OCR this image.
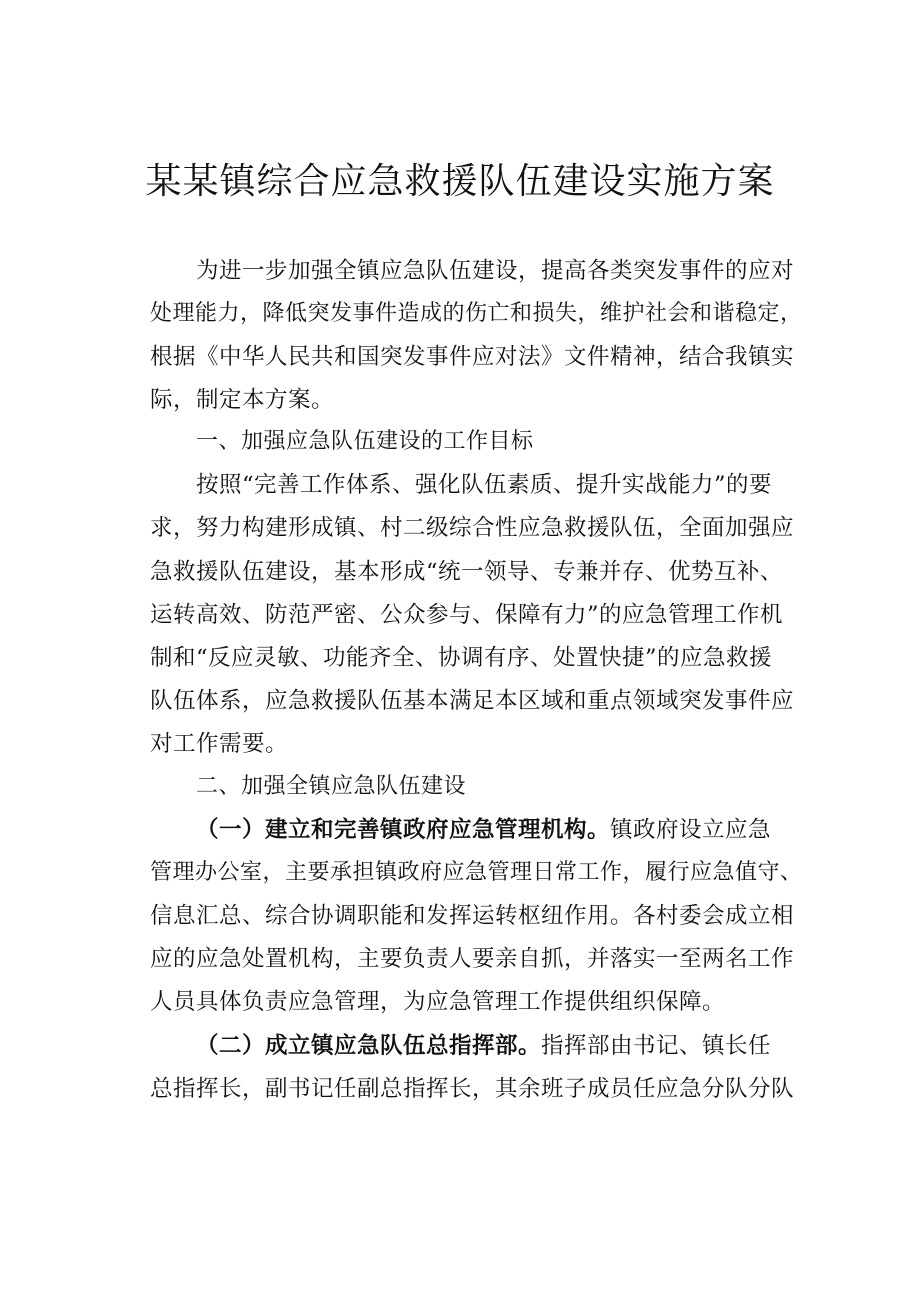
某某镇综合应急救援队伍建设实施方案
为进一步加强全镇应急队伍建设，提高各类突发事件的应对
处理能力，降低突发事件造成的伤亡和损失，维护社会和谐稳定，
根据《中华人民共和国突发事件应对法》文件精神，结合我镇实
际，制定本方案。
一、加强应急队伍建设的工作目标
按照“完善工作体系、强化队伍素质、提升实战能力”的要
求，努力构建形成镇、村二级综合性应急救援队伍，全面加强应
急救援队伍建设，基本形成“统一领导、专兼并存、优势互补、
运转高效、防范严密、公众参与、保障有力”的应急管理工作机
制和“反应灵敏、功能齐全、协调有序、处置快捷”的应急救援
队伍体系，应急救援队伍基本满足本区域和重点领域突发事件应
对工作需要。
二、加强全镇应急队伍建设
（一）建立和完善镇政府应急管理机构。镇政府设立应急
管理办公室，主要承担镇政府应急管理日常工作，履行应急值守、
信息汇总、综合协调职能和发挥运转枢纽作用。各村委会成立相
应的应急处置机构，主要负责人要亲自抓，并落实一至两名工作
人员具体负责应急管理，为应急管理工作提供组织保障。
（二）成立镇应急队伍总指挥部。指挥部由书记、镇长任
总指挥长，副书记任副总指挥长，其余班子成员任应急分队分队
